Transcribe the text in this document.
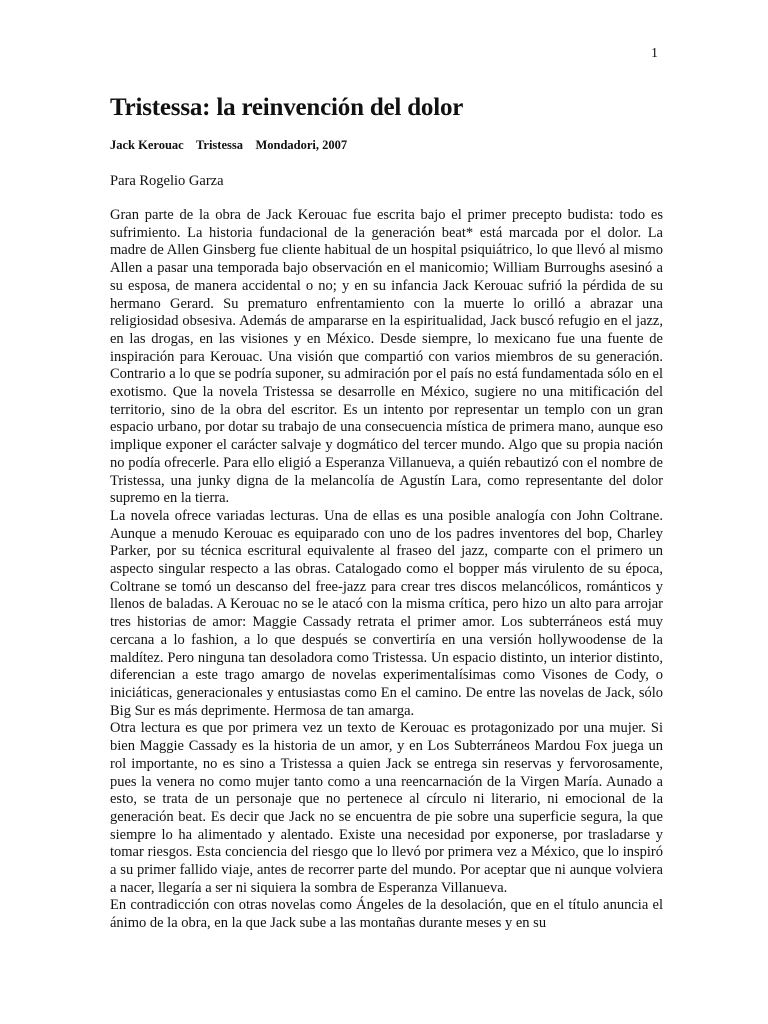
1
Tristessa: la reinvención del dolor
Jack Kerouac    Tristessa    Mondadori, 2007
Para Rogelio Garza

Gran parte de la obra de Jack Kerouac fue escrita bajo el primer precepto budista: todo es sufrimiento. La historia fundacional de la generación beat* está marcada por el dolor. La madre de Allen Ginsberg fue cliente habitual de un hospital psiquiátrico, lo que llevó al mismo Allen a pasar una temporada bajo observación en el manicomio; William Burroughs asesinó a su esposa, de manera accidental o no; y en su infancia Jack Kerouac sufrió la pérdida de su hermano Gerard. Su prematuro enfrentamiento con la muerte lo orilló a abrazar una religiosidad obsesiva. Además de ampararse en la espiritualidad, Jack buscó refugio en el jazz, en las drogas, en las visiones y en México. Desde siempre, lo mexicano fue una fuente de inspiración para Kerouac. Una visión que compartió con varios miembros de su generación. Contrario a lo que se podría suponer, su admiración por el país no está fundamentada sólo en el exotismo. Que la novela Tristessa se desarrolle en México, sugiere no una mitificación del territorio, sino de la obra del escritor. Es un intento por representar un templo con un gran espacio urbano, por dotar su trabajo de una consecuencia mística de primera mano, aunque eso implique exponer el carácter salvaje y dogmático del tercer mundo. Algo que su propia nación no podía ofrecerle. Para ello eligió a Esperanza Villanueva, a quién rebautizó con el nombre de Tristessa, una junky digna de la melancolía de Agustín Lara, como representante del dolor supremo en la tierra.

La novela ofrece variadas lecturas. Una de ellas es una posible analogía con John Coltrane. Aunque a menudo Kerouac es equiparado con uno de los padres inventores del bop, Charley Parker, por su técnica escritural equivalente al fraseo del jazz, comparte con el primero un aspecto singular respecto a las obras. Catalogado como el bopper más virulento de su época, Coltrane se tomó un descanso del free-jazz para crear tres discos melancólicos, románticos y llenos de baladas. A Kerouac no se le atacó con la misma crítica, pero hizo un alto para arrojar tres historias de amor: Maggie Cassady retrata el primer amor. Los subterráneos está muy cercana a lo fashion, a lo que después se convertiría en una versión hollywoodense de la maldítez. Pero ninguna tan desoladora como Tristessa. Un espacio distinto, un interior distinto, diferencian a este trago amargo de novelas experimentalísimas como Visones de Cody, o iniciáticas, generacionales y entusiastas como En el camino. De entre las novelas de Jack, sólo Big Sur es más deprimente. Hermosa de tan amarga.

Otra lectura es que por primera vez un texto de Kerouac es protagonizado por una mujer. Si bien Maggie Cassady es la historia de un amor, y en Los Subterráneos Mardou Fox juega un rol importante, no es sino a Tristessa a quien Jack se entrega sin reservas y fervorosamente, pues la venera no como mujer tanto como a una reencarnación de la Virgen María. Aunado a esto, se trata de un personaje que no pertenece al círculo ni literario, ni emocional de la generación beat. Es decir que Jack no se encuentra de pie sobre una superficie segura, la que siempre lo ha alimentado y alentado. Existe una necesidad por exponerse, por trasladarse y tomar riesgos. Esta conciencia del riesgo que lo llevó por primera vez a México, que lo inspiró a su primer fallido viaje, antes de recorrer parte del mundo. Por aceptar que ni aunque volviera a nacer, llegaría a ser ni siquiera la sombra de Esperanza Villanueva.

En contradicción con otras novelas como Ángeles de la desolación, que en el título anuncia el ánimo de la obra, en la que Jack sube a las montañas durante meses y en su
